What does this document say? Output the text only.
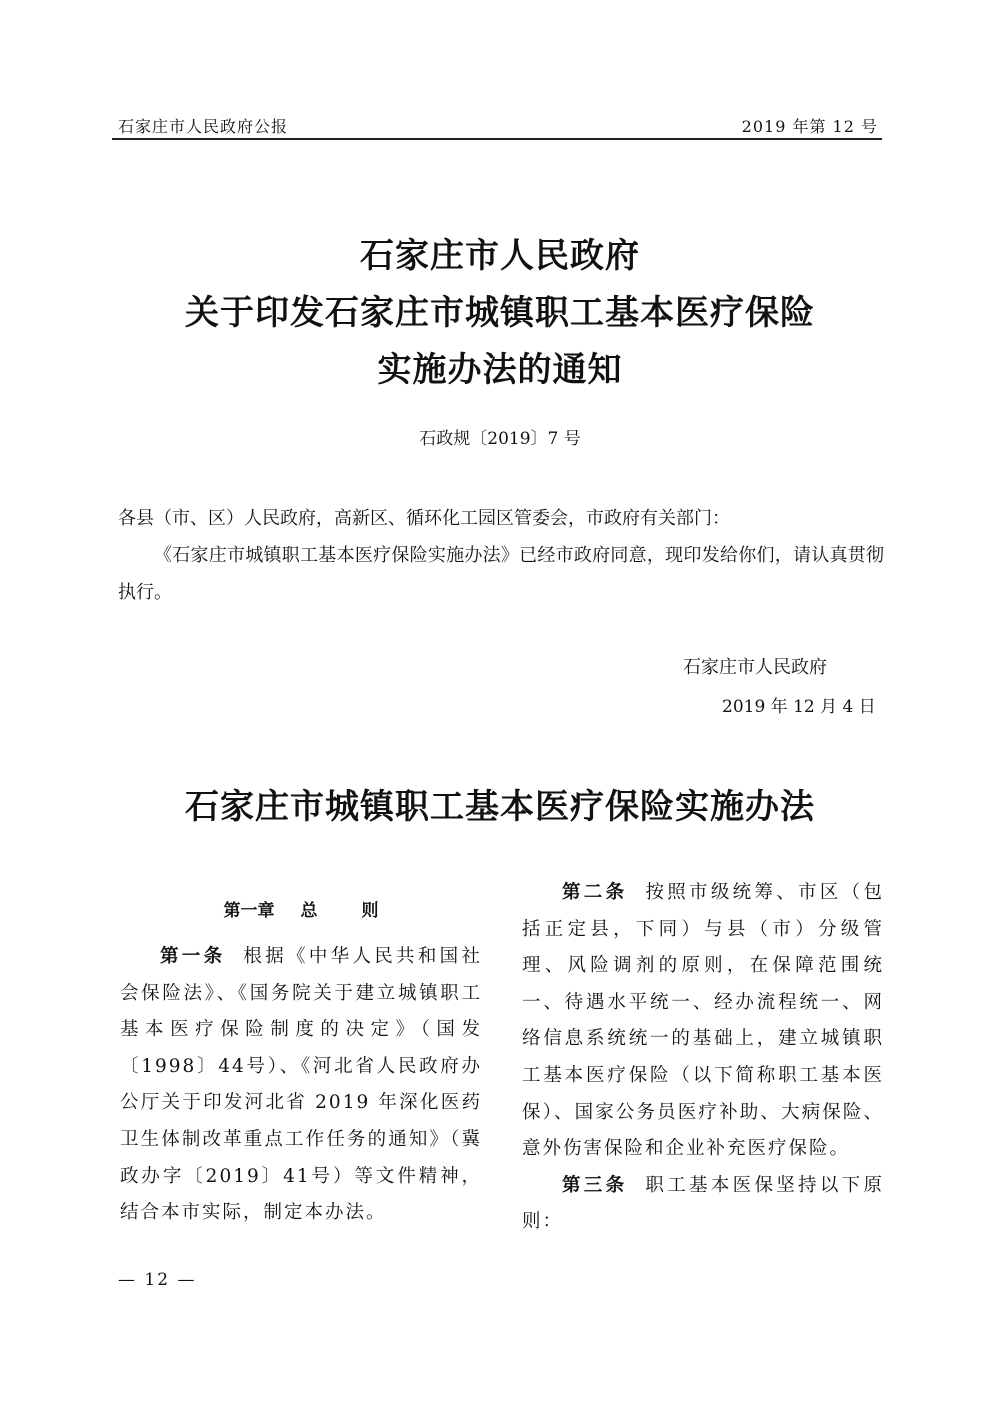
石家庄市人民政府公报	2019 年第 12 号
石家庄市人民政府
关于印发石家庄市城镇职工基本医疗保险
实施办法的通知
石政规〔2019〕7 号
各县（市、区）人民政府，高新区、循环化工园区管委会，市政府有关部门：
《石家庄市城镇职工基本医疗保险实施办法》已经市政府同意，现印发给你们，请认真贯彻执行。
石家庄市人民政府
2019 年 12 月 4 日
石家庄市城镇职工基本医疗保险实施办法
第一章 总	则

第一条 根据《中华人民共和国社会保险法》、《国务院关于建立城镇职工基本医疗保险制度的决定》（国发〔1998〕44号）、《河北省人民政府办公厅关于印发河北省 2019 年深化医药卫生体制改革重点工作任务的通知》（冀政办字〔2019〕41号）等文件精神，结合本市实际，制定本办法。

第二条 按照市级统筹、市区（包括正定县，下同）与县（市）分级管理、风险调剂的原则，在保障范围统一、待遇水平统一、经办流程统一、网络信息系统统一的基础上，建立城镇职工基本医疗保险（以下简称职工基本医保）、国家公务员医疗补助、大病保险、意外伤害保险和企业补充医疗保险。

第三条 职工基本医保坚持以下原则：

— 12 —
